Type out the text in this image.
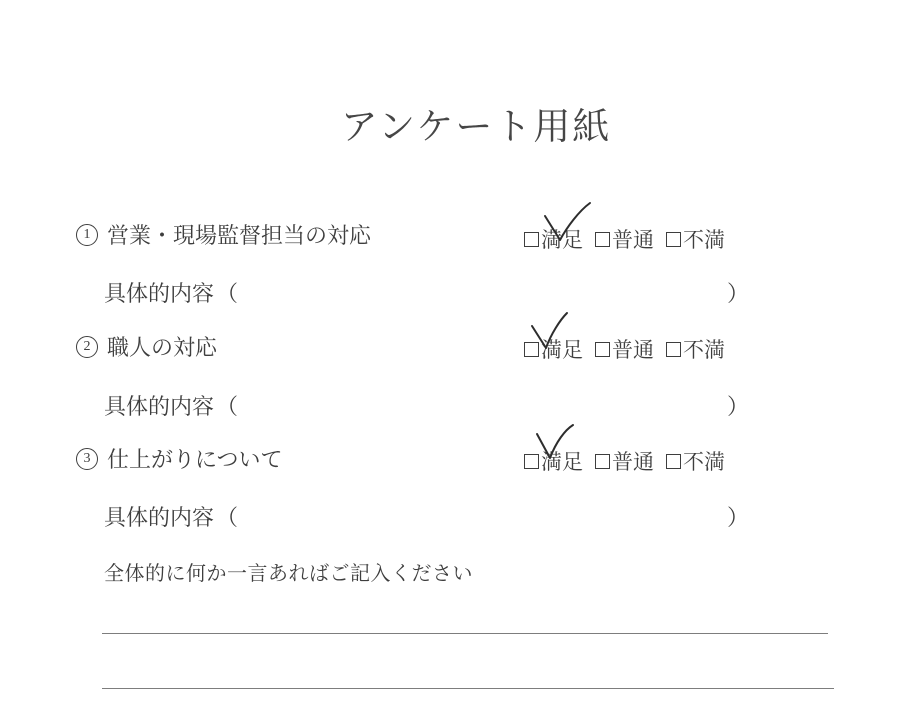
アンケート用紙
1 営業・現場監督担当の対応	満足 普通 不満
具体的内容 （	）
2 職人の対応	満足 普通 不満
具体的内容 （	）
3 仕上がりについて	満足 普通 不満
具体的内容 （	）
全体的に何か一言あればご記入ください
